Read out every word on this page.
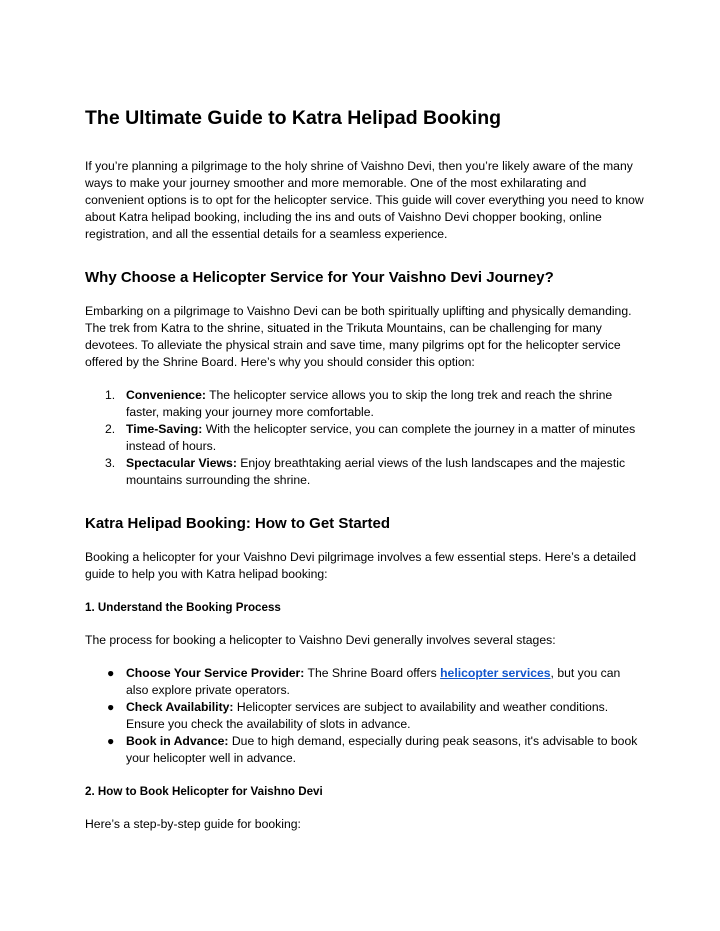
The Ultimate Guide to Katra Helipad Booking

If you’re planning a pilgrimage to the holy shrine of Vaishno Devi, then you’re likely aware of the many ways to make your journey smoother and more memorable. One of the most exhilarating and convenient options is to opt for the helicopter service. This guide will cover everything you need to know about Katra helipad booking, including the ins and outs of Vaishno Devi chopper booking, online registration, and all the essential details for a seamless experience.

Why Choose a Helicopter Service for Your Vaishno Devi Journey?

Embarking on a pilgrimage to Vaishno Devi can be both spiritually uplifting and physically demanding. The trek from Katra to the shrine, situated in the Trikuta Mountains, can be challenging for many devotees. To alleviate the physical strain and save time, many pilgrims opt for the helicopter service offered by the Shrine Board. Here’s why you should consider this option:

1. Convenience: The helicopter service allows you to skip the long trek and reach the shrine faster, making your journey more comfortable.
2. Time-Saving: With the helicopter service, you can complete the journey in a matter of minutes instead of hours.
3. Spectacular Views: Enjoy breathtaking aerial views of the lush landscapes and the majestic mountains surrounding the shrine.
Katra Helipad Booking: How to Get Started

Booking a helicopter for your Vaishno Devi pilgrimage involves a few essential steps. Here’s a detailed guide to help you with Katra helipad booking:

1. Understand the Booking Process

The process for booking a helicopter to Vaishno Devi generally involves several stages:

● Choose Your Service Provider: The Shrine Board offers helicopter services, but you can also explore private operators.
● Check Availability: Helicopter services are subject to availability and weather conditions. Ensure you check the availability of slots in advance.
● Book in Advance: Due to high demand, especially during peak seasons, it's advisable to book your helicopter well in advance.
2. How to Book Helicopter for Vaishno Devi

Here’s a step-by-step guide for booking:
